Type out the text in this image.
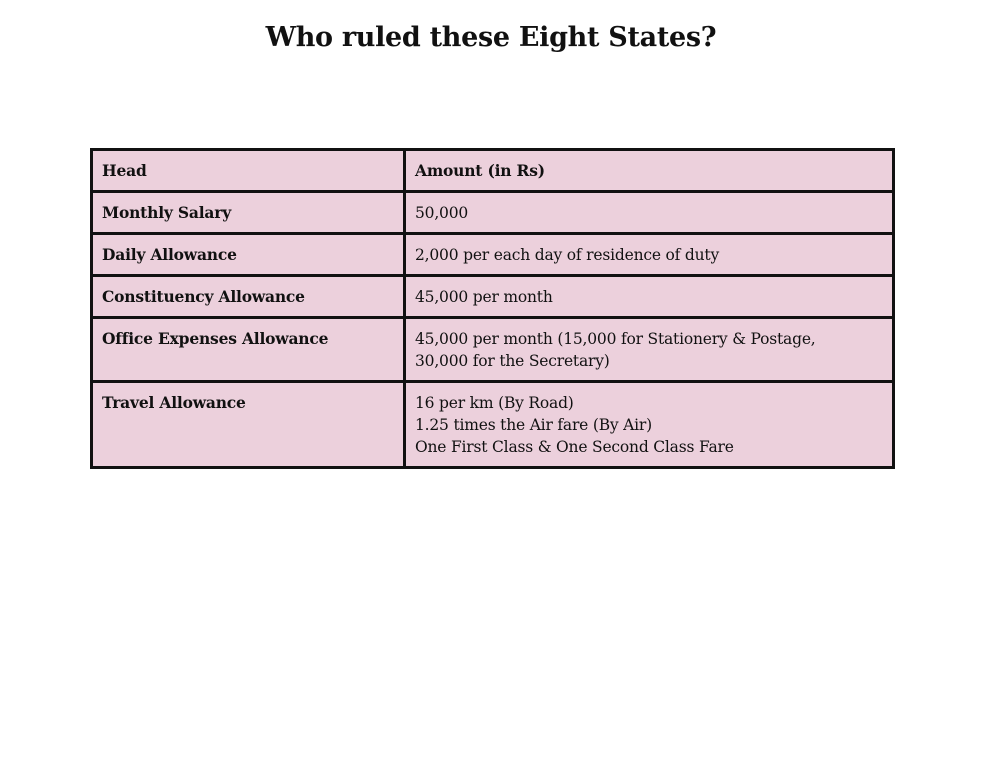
Who ruled these Eight States?
Head	Amount (in Rs)
Monthly Salary	50,000

Daily Allowance	2,000 per each day of residence of duty

Constituency Allowance	45,000 per month

Office Expenses Allowance	45,000 per month (15,000 for Stationery & Postage,
30,000 for the Secretary)

Travel Allowance	16 per km (By Road)
1.25 times the Air fare (By Air)
One First Class & One Second Class Fare
